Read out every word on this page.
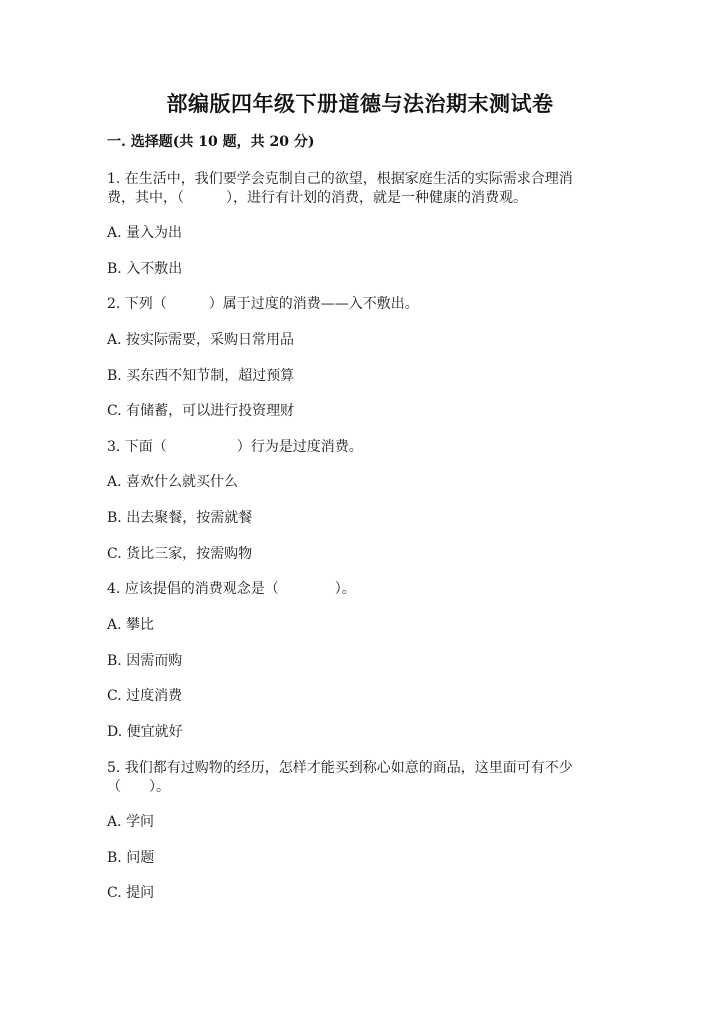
部编版四年级下册道德与法治期末测试卷
一. 选择题(共 10 题，共 20 分)
1. 在生活中，我们要学会克制自己的欲望，根据家庭生活的实际需求合理消
费，其中，（　　　），进行有计划的消费，就是一种健康的消费观。
A. 量入为出
B. 入不敷出
2. 下列（　　　）属于过度的消费——入不敷出。
A. 按实际需要，采购日常用品
B. 买东西不知节制，超过预算
C. 有储蓄，可以进行投资理财
3. 下面（　　　　　）行为是过度消费。
A. 喜欢什么就买什么
B. 出去聚餐，按需就餐
C. 货比三家，按需购物
4. 应该提倡的消费观念是（　　　　）。
A. 攀比
B. 因需而购
C. 过度消费
D. 便宜就好
5. 我们都有过购物的经历，怎样才能买到称心如意的商品，这里面可有不少
（　　）。
A. 学问
B. 问题
C. 提问
